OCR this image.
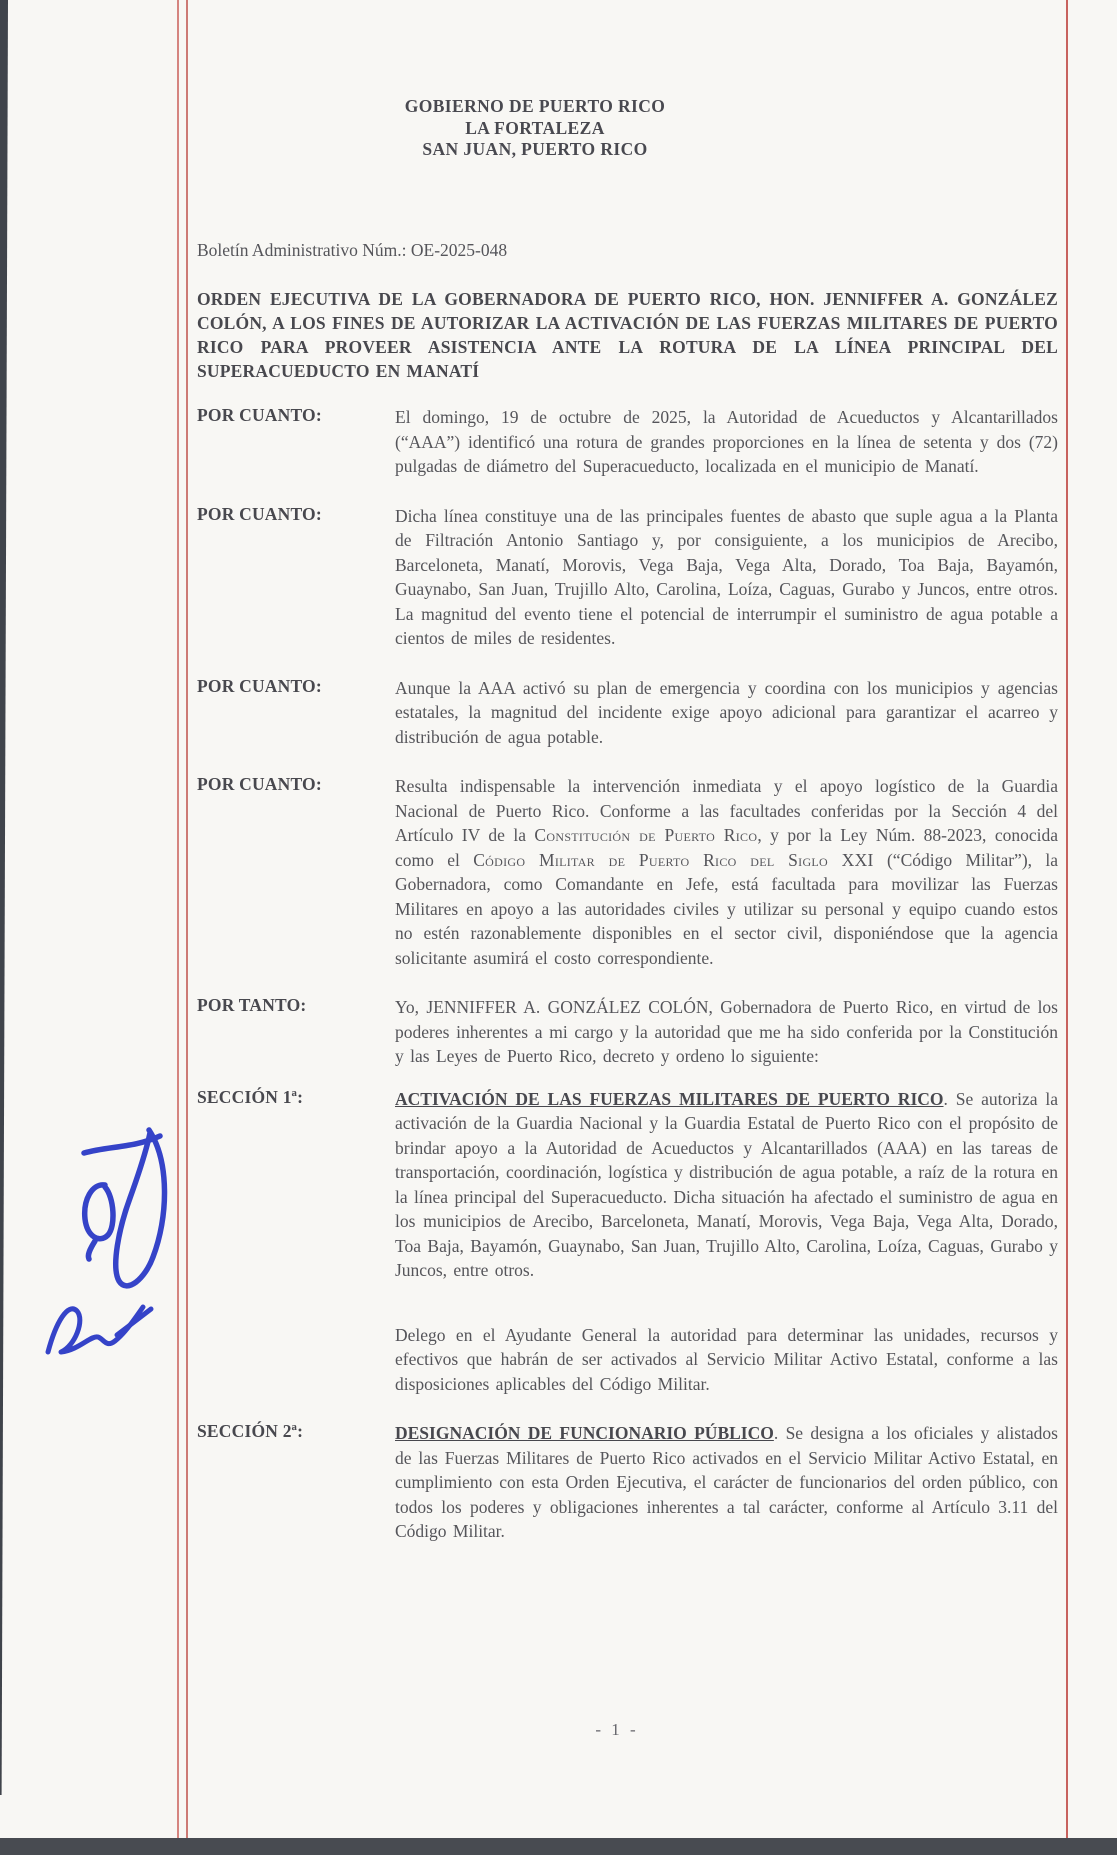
GOBIERNO DE PUERTO RICO
LA FORTALEZA
SAN JUAN, PUERTO RICO
Boletín Administrativo Núm.: OE-2025-048
ORDEN EJECUTIVA DE LA GOBERNADORA DE PUERTO RICO, HON. JENNIFFER A. GONZÁLEZ COLÓN, A LOS FINES DE AUTORIZAR LA ACTIVACIÓN DE LAS FUERZAS MILITARES DE PUERTO RICO PARA PROVEER ASISTENCIA ANTE LA ROTURA DE LA LÍNEA PRINCIPAL DEL SUPERACUEDUCTO EN MANATÍ
POR CUANTO:	El domingo, 19 de octubre de 2025, la Autoridad de Acueductos y Alcantarillados (“AAA”) identificó una rotura de grandes proporciones en la línea de setenta y dos (72) pulgadas de diámetro del Superacueducto, localizada en el municipio de Manatí.
POR CUANTO:	Dicha línea constituye una de las principales fuentes de abasto que suple agua a la Planta de Filtración Antonio Santiago y, por consiguiente, a los municipios de Arecibo, Barceloneta, Manatí, Morovis, Vega Baja, Vega Alta, Dorado, Toa Baja, Bayamón, Guaynabo, San Juan, Trujillo Alto, Carolina, Loíza, Caguas, Gurabo y Juncos, entre otros. La magnitud del evento tiene el potencial de interrumpir el suministro de agua potable a cientos de miles de residentes.
POR CUANTO:	Aunque la AAA activó su plan de emergencia y coordina con los municipios y agencias estatales, la magnitud del incidente exige apoyo adicional para garantizar el acarreo y distribución de agua potable.
POR CUANTO:	Resulta indispensable la intervención inmediata y el apoyo logístico de la Guardia Nacional de Puerto Rico. Conforme a las facultades conferidas por la Sección 4 del Artículo IV de la Constitución de Puerto Rico, y por la Ley Núm. 88-2023, conocida como el Código Militar de Puerto Rico del Siglo XXI (“Código Militar”), la Gobernadora, como Comandante en Jefe, está facultada para movilizar las Fuerzas Militares en apoyo a las autoridades civiles y utilizar su personal y equipo cuando estos no estén razonablemente disponibles en el sector civil, disponiéndose que la agencia solicitante asumirá el costo correspondiente.
POR TANTO:	Yo, JENNIFFER A. GONZÁLEZ COLÓN, Gobernadora de Puerto Rico, en virtud de los poderes inherentes a mi cargo y la autoridad que me ha sido conferida por la Constitución y las Leyes de Puerto Rico, decreto y ordeno lo siguiente:
SECCIÓN 1ª:	ACTIVACIÓN DE LAS FUERZAS MILITARES DE PUERTO RICO. Se autoriza la activación de la Guardia Nacional y la Guardia Estatal de Puerto Rico con el propósito de brindar apoyo a la Autoridad de Acueductos y Alcantarillados (AAA) en las tareas de transportación, coordinación, logística y distribución de agua potable, a raíz de la rotura en la línea principal del Superacueducto. Dicha situación ha afectado el suministro de agua en los municipios de Arecibo, Barceloneta, Manatí, Morovis, Vega Baja, Vega Alta, Dorado, Toa Baja, Bayamón, Guaynabo, San Juan, Trujillo Alto, Carolina, Loíza, Caguas, Gurabo y Juncos, entre otros.
Delego en el Ayudante General la autoridad para determinar las unidades, recursos y efectivos que habrán de ser activados al Servicio Militar Activo Estatal, conforme a las disposiciones aplicables del Código Militar.
SECCIÓN 2ª:	DESIGNACIÓN DE FUNCIONARIO PÚBLICO. Se designa a los oficiales y alistados de las Fuerzas Militares de Puerto Rico activados en el Servicio Militar Activo Estatal, en cumplimiento con esta Orden Ejecutiva, el carácter de funcionarios del orden público, con todos los poderes y obligaciones inherentes a tal carácter, conforme al Artículo 3.11 del Código Militar.
- 1 -
